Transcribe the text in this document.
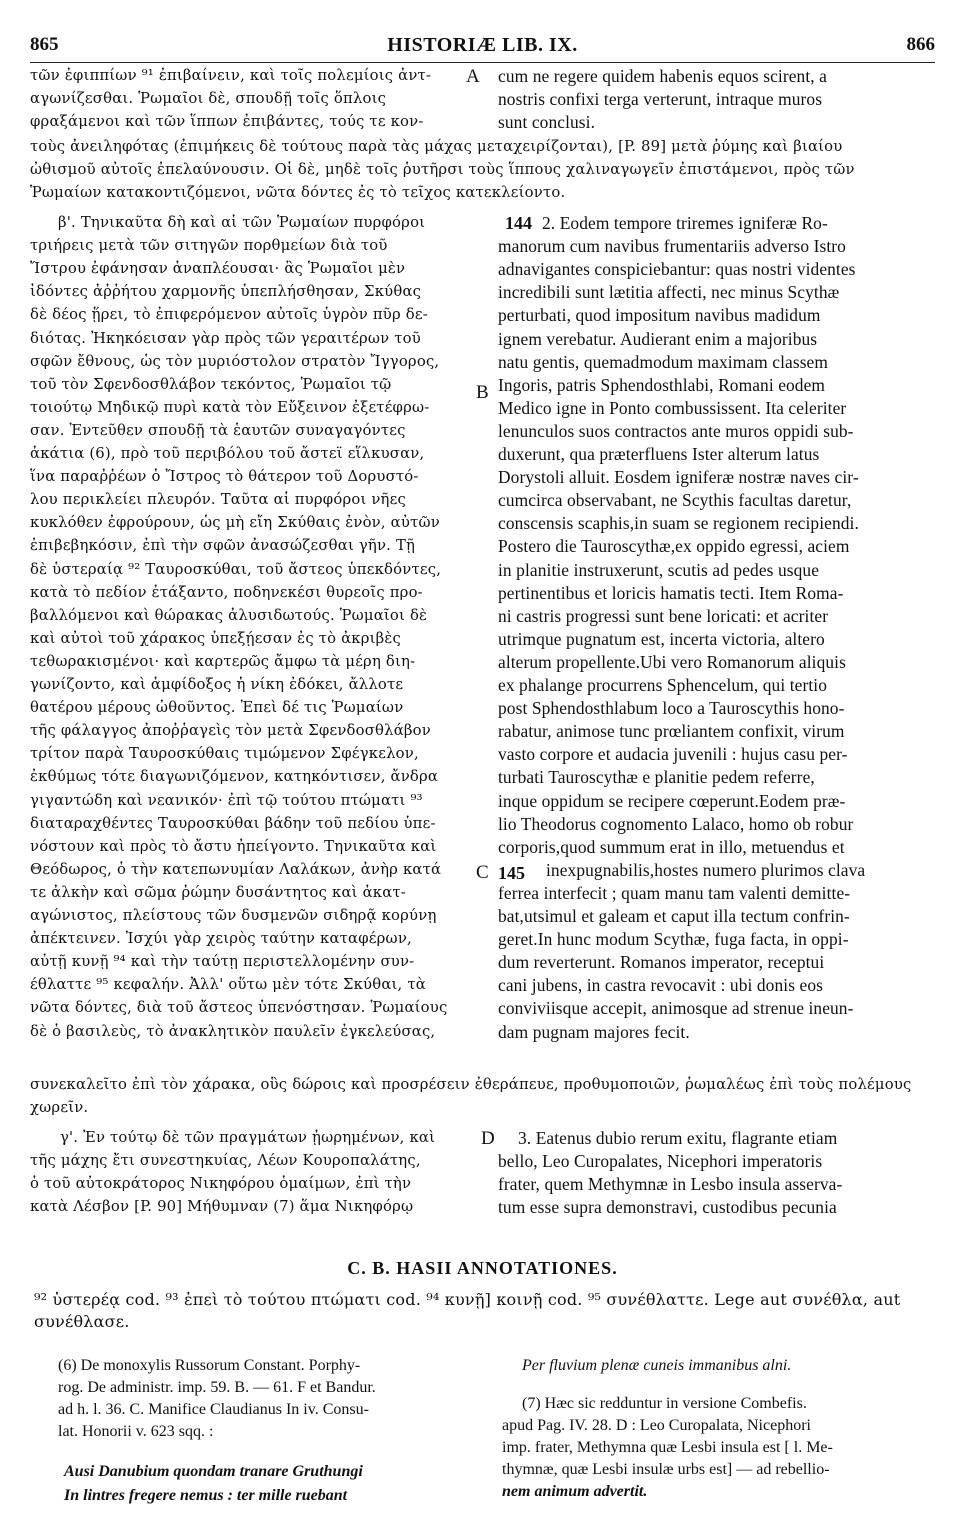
865	HISTORIÆ LIB. IX.	866
τῶν ἐφιππίων ⁹¹ ἐπιβαίνειν, καὶ τοῖς πολεμίοις ἀντ-
αγωνίζεσθαι. Ῥωμαῖοι δὲ, σπουδῇ τοῖς ὅπλοις
φραξάμενοι καὶ τῶν ἵππων ἐπιβάντες, τούς τε κον-
A cum ne regere quidem habenis equos scirent, a
nostris confixi terga verterunt, intraque muros
sunt conclusi.
τοὺς ἀνειληφότας (ἐπιμήκεις δὲ τούτους παρὰ τὰς μάχας μεταχειρίζονται), [P. 89] μετὰ ῥύμης καὶ βιαίου
ὠθισμοῦ αὐτοῖς ἐπελαύνουσιν. Οἱ δὲ, μηδὲ τοῖς ῥυτῆρσι τοὺς ἵππους χαλιναγωγεῖν ἐπιστάμενοι, πρὸς τῶν
Ῥωμαίων κατακοντιζόμενοι, νῶτα δόντες ἐς τὸ τεῖχος κατεκλείοντο.
β'. Τηνικαῦτα δὴ καὶ αἱ τῶν Ῥωμαίων πυρφόροι
τριήρεις μετὰ τῶν σιτηγῶν πορθμείων διὰ τοῦ
Ἴστρου ἐφάνησαν ἀναπλέουσαι· ἃς Ῥωμαῖοι μὲν
ἰδόντες ἀῤῥήτου χαρμονῆς ὑπεπλήσθησαν, Σκύθας
δὲ δέος ᾕρει, τὸ ἐπιφερόμενον αὐτοῖς ὑγρὸν πῦρ δε-
διότας. Ἠκηκόεισαν γὰρ πρὸς τῶν γεραιτέρων τοῦ
σφῶν ἔθνους, ὡς τὸν μυριόστολον στρατὸν Ἴγγορος,
τοῦ τὸν Σφενδοσθλάβον τεκόντος, Ῥωμαῖοι τῷ
τοιούτῳ Μηδικῷ πυρὶ κατὰ τὸν Εὔξεινον ἐξετέφρω-
σαν. Ἐντεῦθεν σπουδῇ τὰ ἑαυτῶν συναγαγόντες
ἀκάτια (6), πρὸ τοῦ περιβόλου τοῦ ἄστεϊ εἵλκυσαν,
ἵνα παραῤῥέων ὁ Ἴστρος τὸ θάτερον τοῦ Δορυστό-
λου περικλείει πλευρόν. Ταῦτα αἱ πυρφόροι νῆες
κυκλόθεν ἐφρούρουν, ὡς μὴ εἴη Σκύθαις ἐνὸν, αὐτῶν
ἐπιβεβηκόσιν, ἐπὶ τὴν σφῶν ἀνασώζεσθαι γῆν. Τῇ
δὲ ὑστεραίᾳ ⁹² Ταυροσκύθαι, τοῦ ἄστεος ὑπεκδόντες,
κατὰ τὸ πεδίον ἐτάξαντο, ποδηνεκέσι θυρεοῖς προ-
βαλλόμενοι καὶ θώρακας ἀλυσιδωτούς. Ῥωμαῖοι δὲ
καὶ αὐτοὶ τοῦ χάρακος ὑπεξῄεσαν ἐς τὸ ἀκριβὲς
τεθωρακισμένοι· καὶ καρτερῶς ἄμφω τὰ μέρη διη-
γωνίζοντο, καὶ ἀμφίδοξος ἡ νίκη ἐδόκει, ἄλλοτε
θατέρου μέρους ὠθοῦντος. Ἐπεὶ δέ τις Ῥωμαίων
τῆς φάλαγγος ἀποῤῥαγεὶς τὸν μετὰ Σφενδοσθλάβον
τρίτον παρὰ Ταυροσκύθαις τιμώμενον Σφέγκελον,
ἐκθύμως τότε διαγωνιζόμενον, κατηκόντισεν, ἄνδρα
γιγαντώδη καὶ νεανικόν· ἐπὶ τῷ τούτου πτώματι ⁹³
διαταραχθέντες Ταυροσκύθαι βάδην τοῦ πεδίου ὑπε-
νόστουν καὶ πρὸς τὸ ἄστυ ἠπείγοντο. Τηνικαῦτα καὶ
Θεόδωρος, ὁ τὴν κατεπωνυμίαν Λαλάκων, ἀνὴρ κατά
τε ἀλκὴν καὶ σῶμα ῥώμην δυσάντητος καὶ ἀκατ-
αγώνιστος, πλείστους τῶν δυσμενῶν σιδηρᾷ κορύνῃ
ἀπέκτεινεν. Ἰσχύι γὰρ χειρὸς ταύτην καταφέρων,
αὐτῇ κυνῇ ⁹⁴ καὶ τὴν ταύτῃ περιστελλομένην συν-
έθλαττε ⁹⁵ κεφαλήν. Ἀλλ' οὕτω μὲν τότε Σκύθαι, τὰ
νῶτα δόντες, διὰ τοῦ ἄστεος ὑπενόστησαν. Ῥωμαίους
δὲ ὁ βασιλεὺς, τὸ ἀνακλητικὸν παυλεῖν ἐγκελεύσας,
2. Eodem tempore triremes igniferæ Ro-
manorum cum navibus frumentariis adverso Istro
adnavigantes conspiciebantur: quas nostri videntes
incredibili sunt lætitia affecti, nec minus Scythæ
perturbati, quod impositum navibus madidum
ignem verebatur. Audierant enim a majoribus
natu gentis, quemadmodum maximam classem
Ingoris, patris Sphendosthlabi, Romani eodem
Medico igne in Ponto combussissent. Ita celeriter
lenunculos suos contractos ante muros oppidi sub-
duxerunt, qua præterfluens Ister alterum latus
Dorystoli alluit. Eosdem igniferæ nostræ naves cir-
cumcirca observabant, ne Scythis facultas daretur,
conscensis scaphis,in suam se regionem recipiendi.
Postero die Tauroscythæ,ex oppido egressi, aciem
in planitie instruxerunt, scutis ad pedes usque
pertinentibus et loricis hamatis tecti. Item Roma-
ni castris progressi sunt bene loricati: et acriter
utrimque pugnatum est, incerta victoria, altero
alterum propellente.Ubi vero Romanorum aliquis
ex phalange procurrens Sphencelum, qui tertio
post Sphendosthlabum loco a Tauroscythis hono-
rabatur, animose tunc prœliantem confixit, virum
vasto corpore et audacia juvenili : hujus casu per-
turbati Tauroscythæ e planitie pedem referre,
inque oppidum se recipere cœperunt.Eodem præ-
lio Theodorus cognomento Lalaco, homo ob robur
corporis,quod summum erat in illo, metuendus et
inexpugnabilis,hostes numero plurimos clava
ferrea interfecit ; quam manu tam valenti demitte-
bat,utsimul et galeam et caput illa tectum confrin-
geret.In hunc modum Scythæ, fuga facta, in oppi-
dum reverterunt. Romanos imperator, receptui
cani jubens, in castra revocavit : ubi donis eos
conviviisque accepit, animosque ad strenue ineun-
dam pugnam majores fecit.
B
C
144
145
συνεκαλεῖτο ἐπὶ τὸν χάρακα, οὓς δώροις καὶ προσρέσειν ἐθεράπευε, προθυμοποιῶν, ῥωμαλέως ἐπὶ τοὺς πολέμους
χωρεῖν.
γ'. Ἐν τούτῳ δὲ τῶν πραγμάτων ᾐωρημένων, καὶ
τῆς μάχης ἔτι συνεστηκυίας, Λέων Κουροπαλάτης,
ὁ τοῦ αὐτοκράτορος Νικηφόρου ὁμαίμων, ἐπὶ τὴν
κατὰ Λέσβον [P. 90] Μήθυμναν (7) ἅμα Νικηφόρῳ
D 3. Eatenus dubio rerum exitu, flagrante etiam
bello, Leo Curopalates, Nicephori imperatoris
frater, quem Methymnæ in Lesbo insula asserva-
tum esse supra demonstravi, custodibus pecunia
C. B. HASII ANNOTATIONES.
⁹² ὑστερέᾳ cod. ⁹³ ἐπεὶ τὸ τούτου πτώματι cod. ⁹⁴ κυνῇ] κοινῇ cod. ⁹⁵ συνέθλαττε. Lege aut συνέθλα, aut
συνέθλασε.
(6) De monoxylis Russorum Constant. Porphy-
rog. De administr. imp. 59. B. — 61. F et Bandur.
ad h. l. 36. C. Manifice Claudianus In iv. Consu-
lat. Honorii v. 623 sqq. :
Ausi Danubium quondam tranare Gruthungi
In lintres fregere nemus : ter mille ruebant
Per fluvium plenæ cuneis immanibus alni.
(7) Hæc sic redduntur in versione Combefis.
apud Pag. IV. 28. D : Leo Curopalata, Nicephori
imp. frater, Methymna quæ Lesbi insula est [ l. Me-
thymnæ, quæ Lesbi insulæ urbs est] — ad rebellio-
nem animum advertit.
